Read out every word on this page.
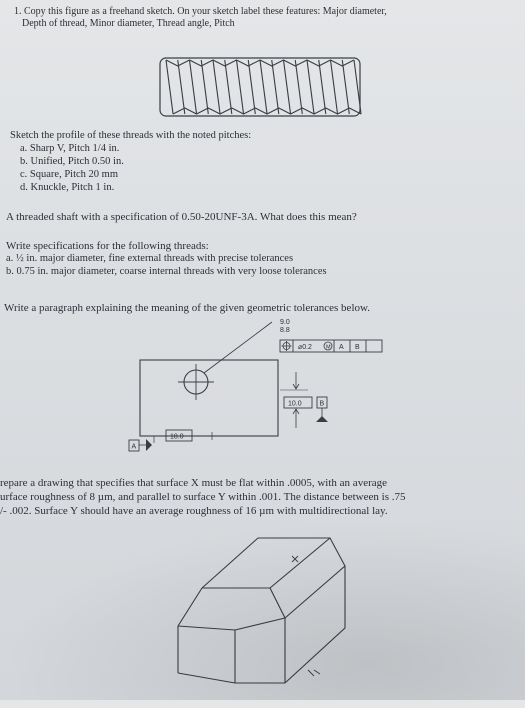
1. Copy this figure as a freehand sketch. On your sketch label these features: Major diameter,
Depth of thread, Minor diameter, Thread angle, Pitch
Sketch the profile of these threads with the noted pitches:
a. Sharp V, Pitch 1/4 in.
b. Unified, Pitch 0.50 in.
c. Square, Pitch 20 mm
d. Knuckle, Pitch 1 in.
A threaded shaft with a specification of 0.50-20UNF-3A. What does this mean?
Write specifications for the following threads:
a. ½ in. major diameter, fine external threads with precise tolerances
b. 0.75 in. major diameter, coarse internal threads with very loose tolerances
Write a paragraph explaining the meaning of the given geometric tolerances below.
9.0
8.8
⌀0.2	M A B
10.0	B
18.0
A
repare a drawing that specifies that surface X must be flat within .0005, with an average
urface roughness of 8 µm, and parallel to surface Y within .001. The distance between is .75
/- .002. Surface Y should have an average roughness of 16 µm with multidirectional lay.
